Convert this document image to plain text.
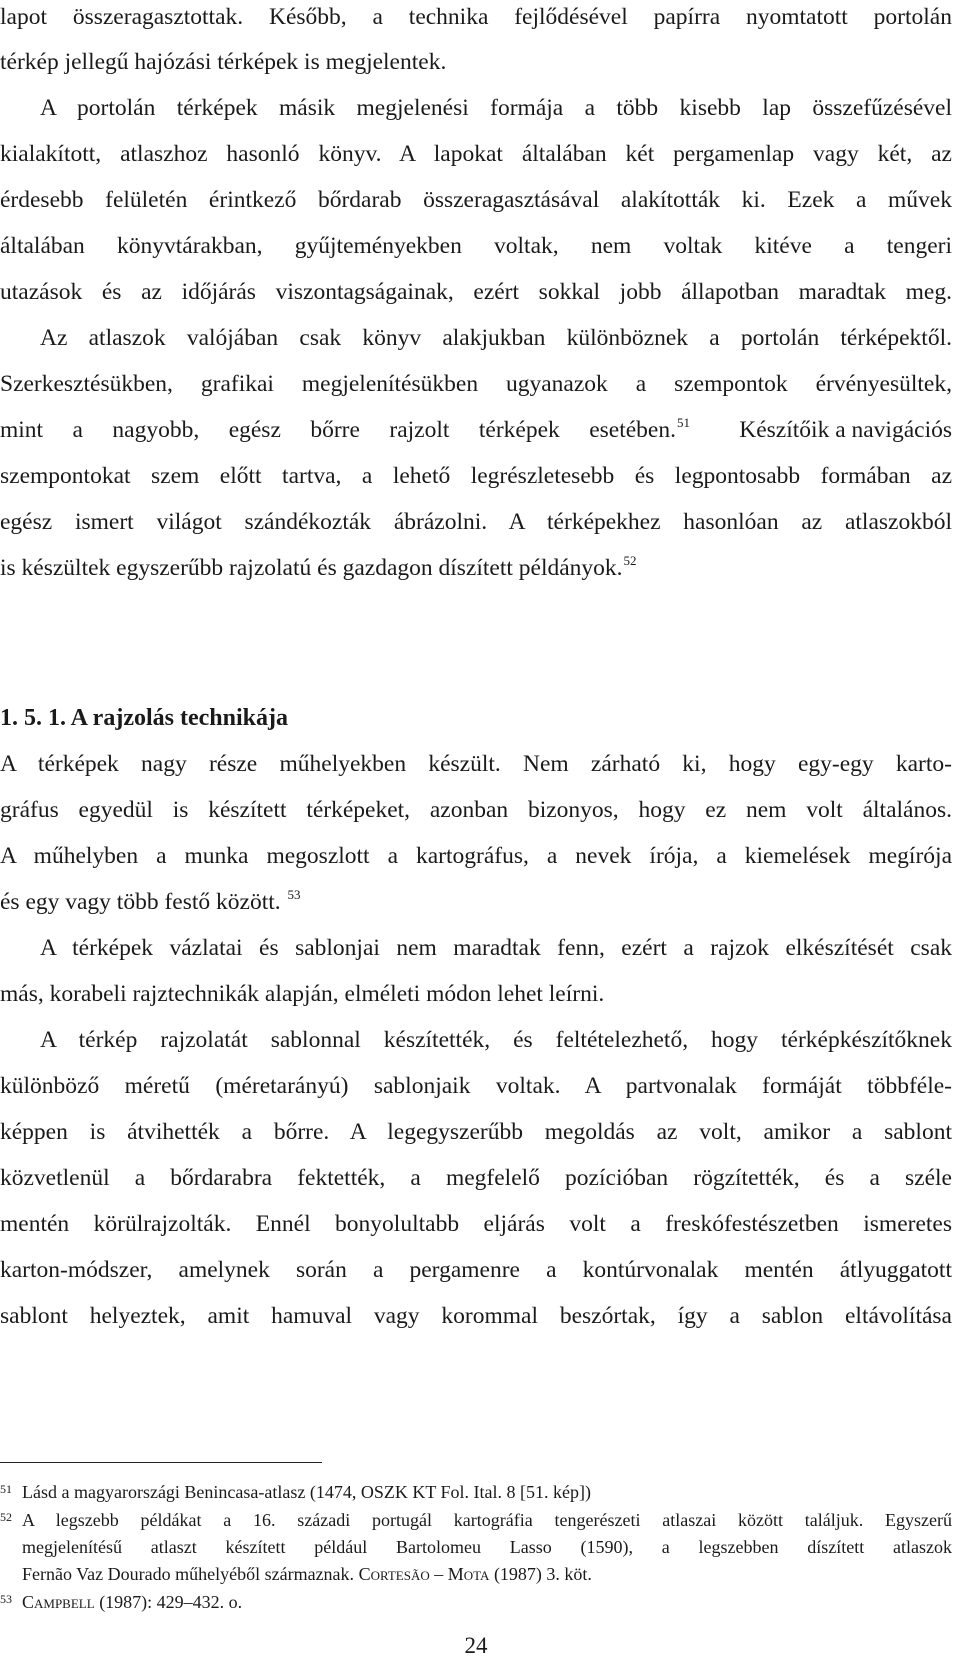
lapot összeragasztottak. Később, a technika fejlődésével papírra nyomtatott portolán
térkép jellegű hajózási térképek is megjelentek.
A portolán térképek másik megjelenési formája a több kisebb lap összefűzésével
kialakított, atlaszhoz hasonló könyv. A lapokat általában két pergamenlap vagy két, az
érdesebb felületén érintkező bőrdarab összeragasztásával alakították ki. Ezek a művek
általában könyvtárakban, gyűjteményekben voltak, nem voltak kitéve a tengeri
utazások és az időjárás viszontagságainak, ezért sokkal jobb állapotban maradtak meg.
Az atlaszok valójában csak könyv alakjukban különböznek a portolán térképektől.
Szerkesztésükben, grafikai megjelenítésükben ugyanazok a szempontok érvényesültek,
mint a nagyobb, egész bőrre rajzolt térképek esetében.$^{51}$	Készítőik a navigációs
szempontokat szem előtt tartva, a lehető legrészletesebb és legpontosabb formában az
egész ismert világot szándékozták ábrázolni. A térképekhez hasonlóan az atlaszokból
is készültek egyszerűbb rajzolatú és gazdagon díszített példányok.$^{52}$
1. 5. 1. A rajzolás technikája
A térképek nagy része műhelyekben készült. Nem zárható ki, hogy egy-egy karto-
gráfus egyedül is készített térképeket, azonban bizonyos, hogy ez nem volt általános.
A műhelyben a munka megoszlott a kartográfus, a nevek írója, a kiemelések megírója
és egy vagy több festő között. $^{53}$
A térképek vázlatai és sablonjai nem maradtak fenn, ezért a rajzok elkészítését csak
más, korabeli rajztechnikák alapján, elméleti módon lehet leírni.
A térkép rajzolatát sablonnal készítették, és feltételezhető, hogy térképkészítőknek
különböző méretű (méretarányú) sablonjaik voltak. A partvonalak formáját többféle-
képpen is átvihették a bőrre. A legegyszerűbb megoldás az volt, amikor a sablont
közvetlenül a bőrdarabra fektették, a megfelelő pozícióban rögzítették, és a széle
mentén körülrajzolták. Ennél bonyolultabb eljárás volt a freskófestészetben ismeretes
karton-módszer, amelynek során a pergamenre a kontúrvonalak mentén átlyuggatott
sablont helyeztek, amit hamuval vagy korommal beszórtak, így a sablon eltávolítása
51 Lásd a magyarországi Benincasa-atlasz (1474, OSZK KT Fol. Ital. 8 [51. kép])
52 A legszebb példákat a 16. századi portugál kartográfia tengerészeti atlaszai között találjuk. Egyszerű
megjelenítésű atlaszt készített például Bartolomeu Lasso (1590), a legszebben díszített atlaszok
Fernão Vaz Dourado műhelyéből származnak. Cortesão – Mota (1987) 3. köt.
53 Campbell (1987): 429–432. o.
24
